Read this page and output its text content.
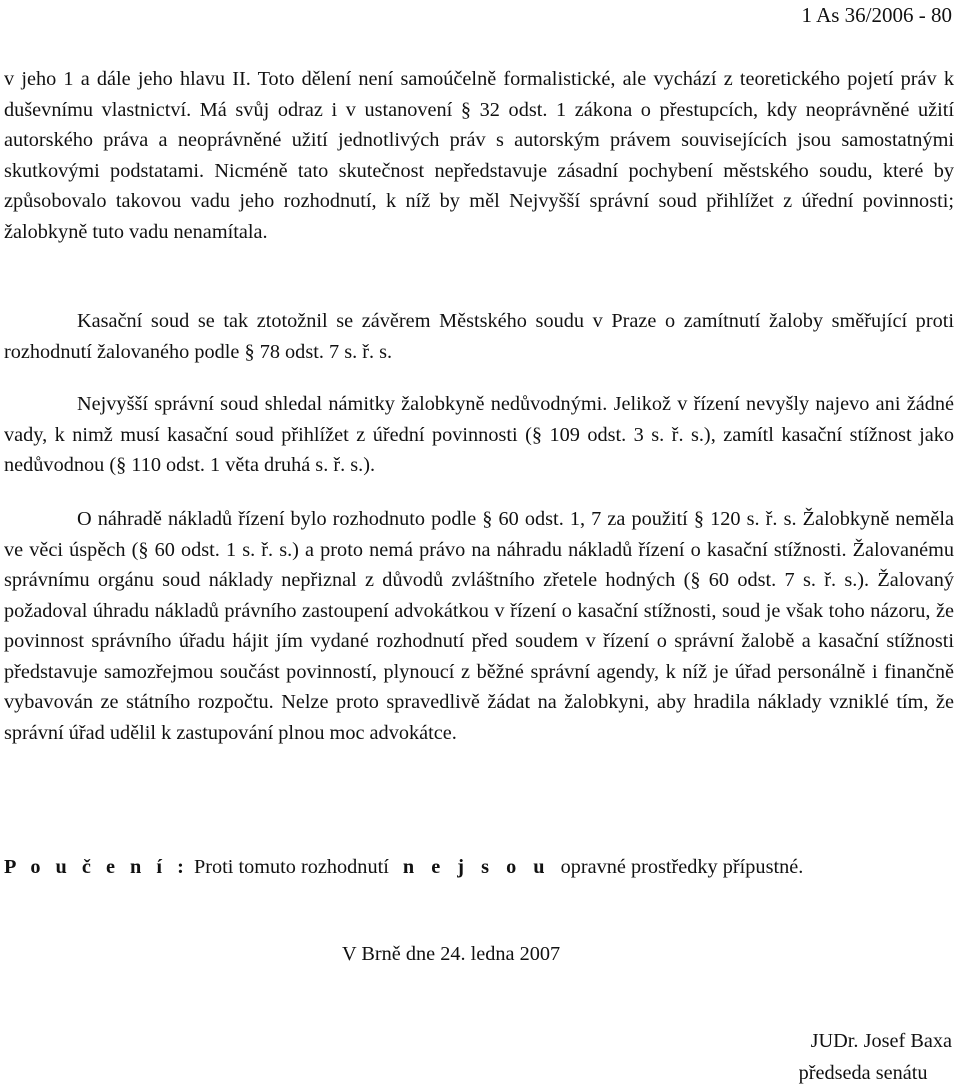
1 As 36/2006 - 80

v jeho 1 a dále jeho hlavu II. Toto dělení není samoúčelně formalistické, ale vychází z teoretického pojetí práv k duševnímu vlastnictví. Má svůj odraz i v ustanovení § 32 odst. 1 zákona o přestupcích, kdy neoprávněné užití autorského práva a neoprávněné užití jednotlivých práv s autorským právem souvisejících jsou samostatnými skutkovými podstatami. Nicméně tato skutečnost nepředstavuje zásadní pochybení městského soudu, které by způsobovalo takovou vadu jeho rozhodnutí, k níž by měl Nejvyšší správní soud přihlížet z úřední povinnosti; žalobkyně tuto vadu nenamítala.

Kasační soud se tak ztotožnil se závěrem Městského soudu v Praze o zamítnutí žaloby směřující proti rozhodnutí žalovaného podle § 78 odst. 7 s. ř. s.

Nejvyšší správní soud shledal námitky žalobkyně nedůvodnými. Jelikož v řízení nevyšly najevo ani žádné vady, k nimž musí kasační soud přihlížet z úřední povinnosti (§ 109 odst. 3 s. ř. s.), zamítl kasační stížnost jako nedůvodnou (§ 110 odst. 1 věta druhá s. ř. s.).

O náhradě nákladů řízení bylo rozhodnuto podle § 60 odst. 1, 7 za použití § 120 s. ř. s. Žalobkyně neměla ve věci úspěch (§ 60 odst. 1 s. ř. s.) a proto nemá právo na náhradu nákladů řízení o kasační stížnosti. Žalovanému správnímu orgánu soud náklady nepřiznal z důvodů zvláštního zřetele hodných (§ 60 odst. 7 s. ř. s.). Žalovaný požadoval úhradu nákladů právního zastoupení advokátkou v řízení o kasační stížnosti, soud je však toho názoru, že povinnost správního úřadu hájit jím vydané rozhodnutí před soudem v řízení o správní žalobě a kasační stížnosti představuje samozřejmou součást povinností, plynoucí z běžné správní agendy, k níž je úřad personálně i finančně vybavován ze státního rozpočtu. Nelze proto spravedlivě žádat na žalobkyni, aby hradila náklady vzniklé tím, že správní úřad udělil k zastupování plnou moc advokátce.

P o u č e n í : Proti tomuto rozhodnutí n e j s o u opravné prostředky přípustné.

V Brně dne 24. ledna 2007

JUDr. Josef Baxa
předseda senátu
